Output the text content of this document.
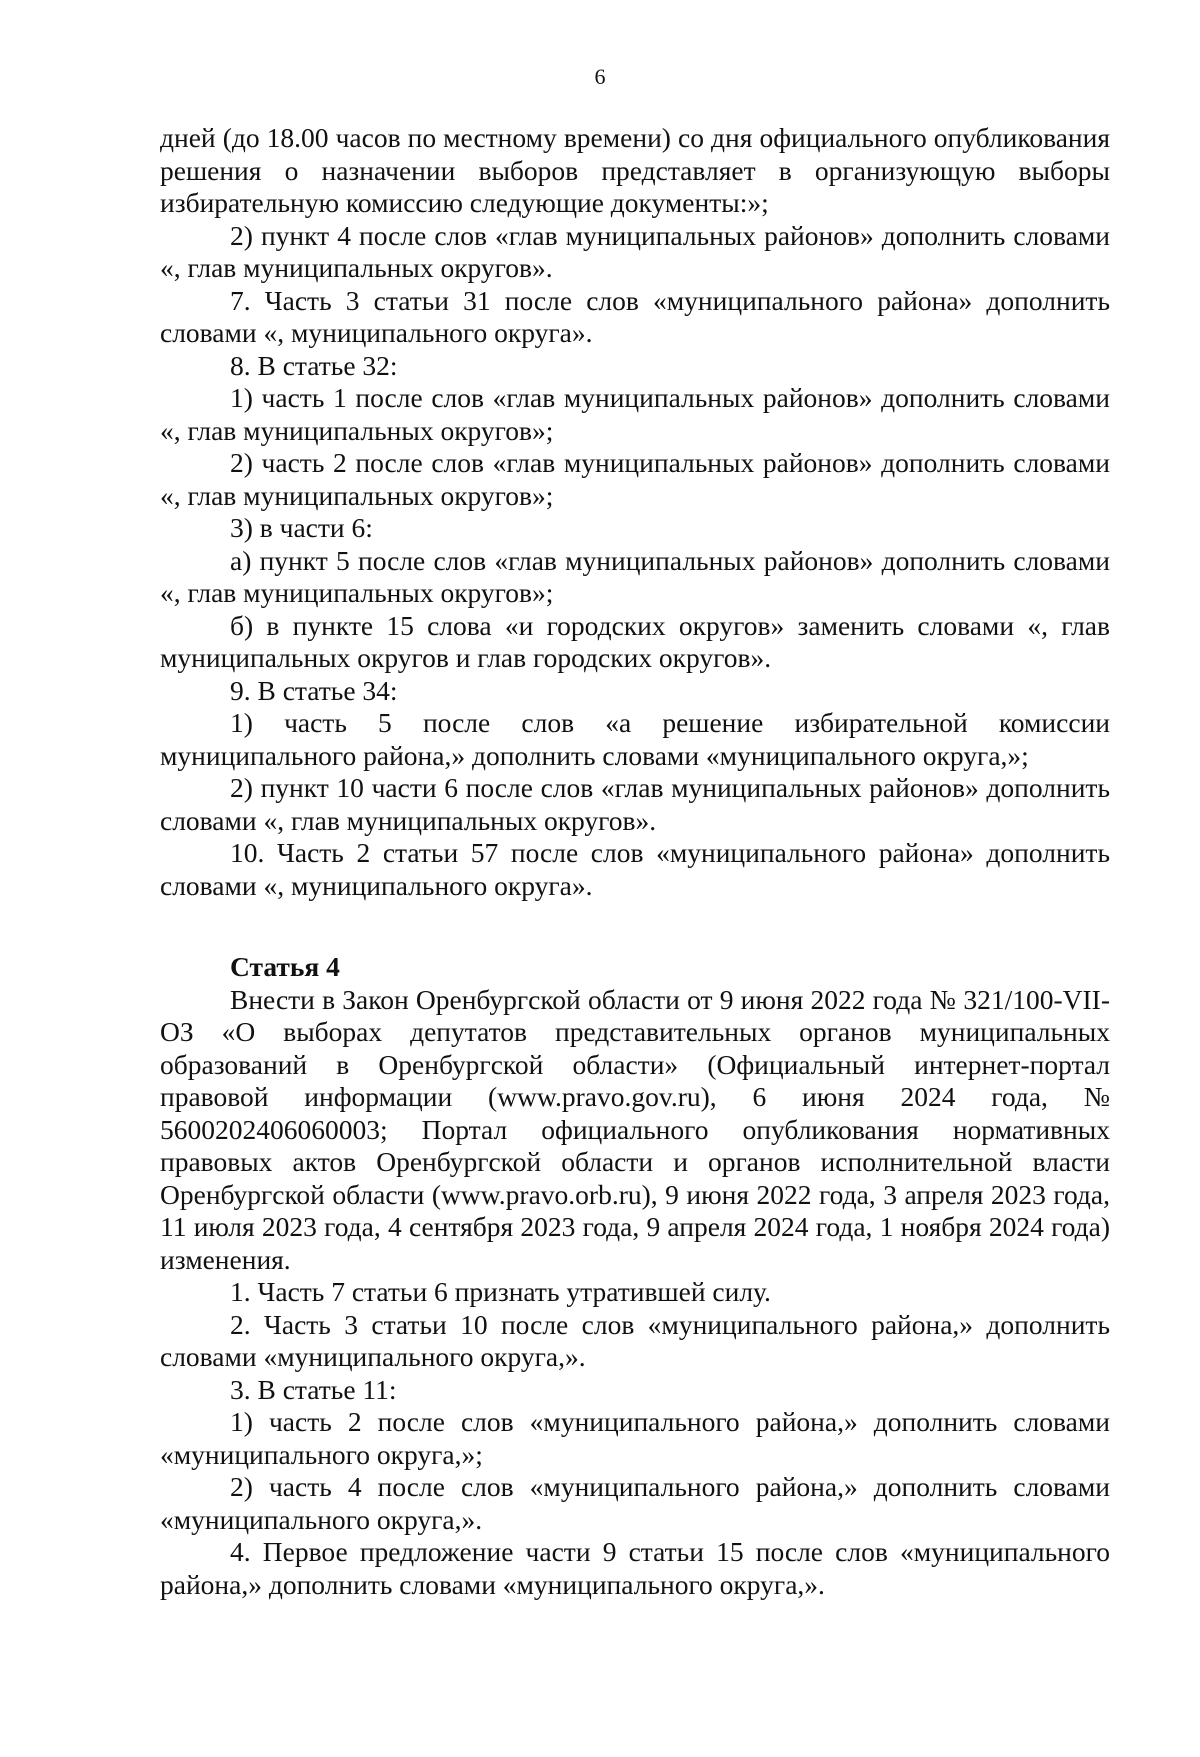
6

дней (до 18.00 часов по местному времени) со дня официального опубликования решения о назначении выборов представляет в организующую выборы избирательную комиссию следующие документы:»;

2) пункт 4 после слов «глав муниципальных районов» дополнить словами «, глав муниципальных округов».

7. Часть 3 статьи 31 после слов «муниципального района» дополнить словами «, муниципального округа».

8. В статье 32:

1) часть 1 после слов «глав муниципальных районов» дополнить словами «, глав муниципальных округов»;

2) часть 2 после слов «глав муниципальных районов» дополнить словами «, глав муниципальных округов»;

3) в части 6:

а) пункт 5 после слов «глав муниципальных районов» дополнить словами «, глав муниципальных округов»;

б) в пункте 15 слова «и городских округов» заменить словами «, глав муниципальных округов и глав городских округов».

9. В статье 34:

1) часть 5 после слов «а решение избирательной комиссии муниципального района,» дополнить словами «муниципального округа,»;

2) пункт 10 части 6 после слов «глав муниципальных районов» дополнить словами «, глав муниципальных округов».

10. Часть 2 статьи 57 после слов «муниципального района» дополнить словами «, муниципального округа».

Статья 4

Внести в Закон Оренбургской области от 9 июня 2022 года № 321/100-VII-ОЗ «О выборах депутатов представительных органов муниципальных образований в Оренбургской области» (Официальный интернет-портал правовой информации (www.pravo.gov.ru), 6 июня 2024 года, № 5600202406060003; Портал официального опубликования нормативных правовых актов Оренбургской области и органов исполнительной власти Оренбургской области (www.pravo.orb.ru), 9 июня 2022 года, 3 апреля 2023 года, 11 июля 2023 года, 4 сентября 2023 года, 9 апреля 2024 года, 1 ноября 2024 года) изменения.

1. Часть 7 статьи 6 признать утратившей силу.

2. Часть 3 статьи 10 после слов «муниципального района,» дополнить словами «муниципального округа,».

3. В статье 11:

1) часть 2 после слов «муниципального района,» дополнить словами «муниципального округа,»;

2) часть 4 после слов «муниципального района,» дополнить словами «муниципального округа,».

4. Первое предложение части 9 статьи 15 после слов «муниципального района,» дополнить словами «муниципального округа,».
